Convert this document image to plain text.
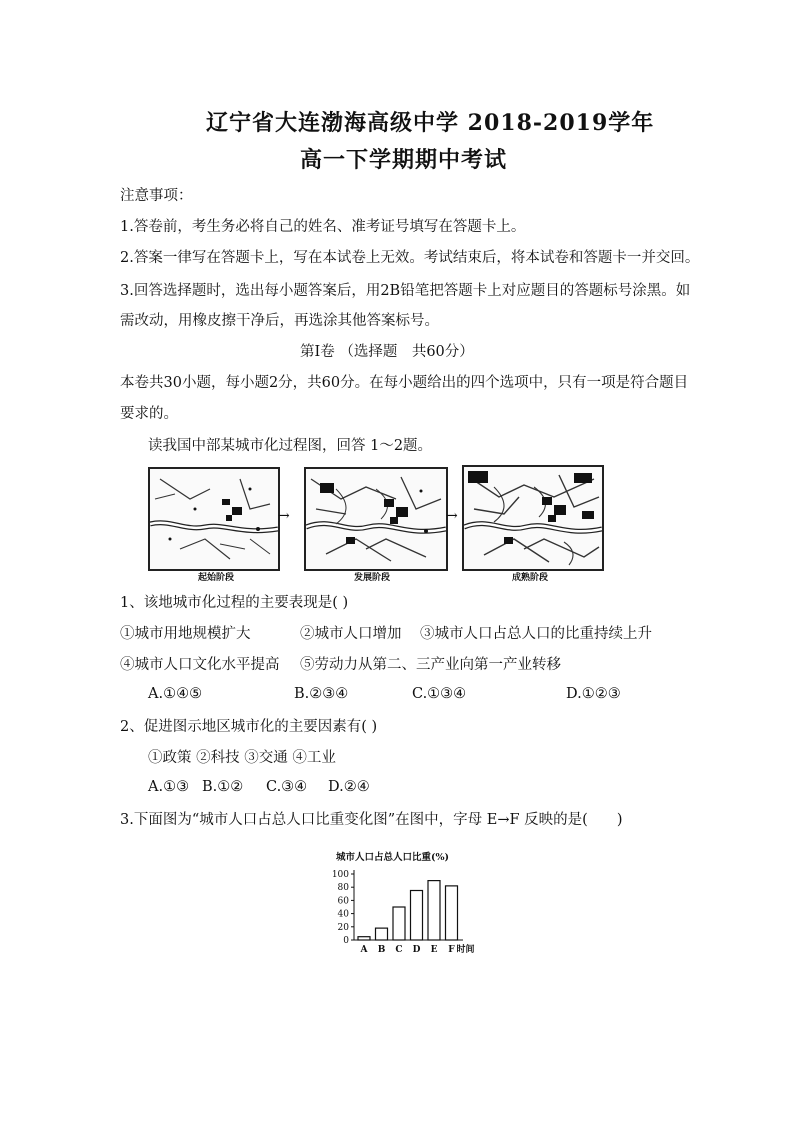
辽宁省大连渤海高级中学 2018-2019学年
高一下学期期中考试
注意事项：
1.答卷前，考生务必将自己的姓名、准考证号填写在答题卡上。
2.答案一律写在答题卡上，写在本试卷上无效。考试结束后，将本试卷和答题卡一并交回。
3.回答选择题时，选出每小题答案后，用2B铅笔把答题卡上对应题目的答题标号涂黑。如
需改动，用橡皮擦干净后，再选涂其他答案标号。
第Ⅰ卷 （选择题　共60分）
本卷共30小题，每小题2分，共60分。在每小题给出的四个选项中，只有一项是符合题目
要求的。
读我国中部某城市化过程图，回答 1～2题。
→	→
起始阶段	发展阶段	成熟阶段
1、该地城市化过程的主要表现是( )
①城市用地规模扩大	②城市人口增加 ③城市人口占总人口的比重持续上升
④城市人口文化水平提高 ⑤劳动力从第二、三产业向第一产业转移
A.①④⑤	B.②③④	C.①③④	D.①②③
2、促进图示地区城市化的主要因素有( )
①政策 ②科技 ③交通 ④工业
A.①③ B.①② C.③④ D.②④
3.下面图为“城市人口占总人口比重变化图”在图中，字母 E→F 反映的是(　　)
城市人口占总人口比重(%)
0
20
40
60
80
100
A B C D E F 时间
